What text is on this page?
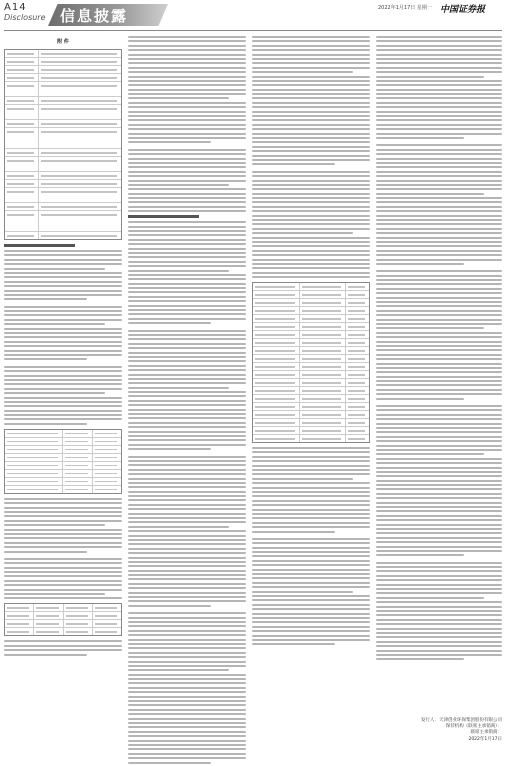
A14
Disclosure 信息披露	2022年1月17日 星期一 中国证券报
附 件
发行人：天津创业环保集团股份有限公司
保荐机构（联席主承销商）：
联席主承销商：
2022年1月17日
